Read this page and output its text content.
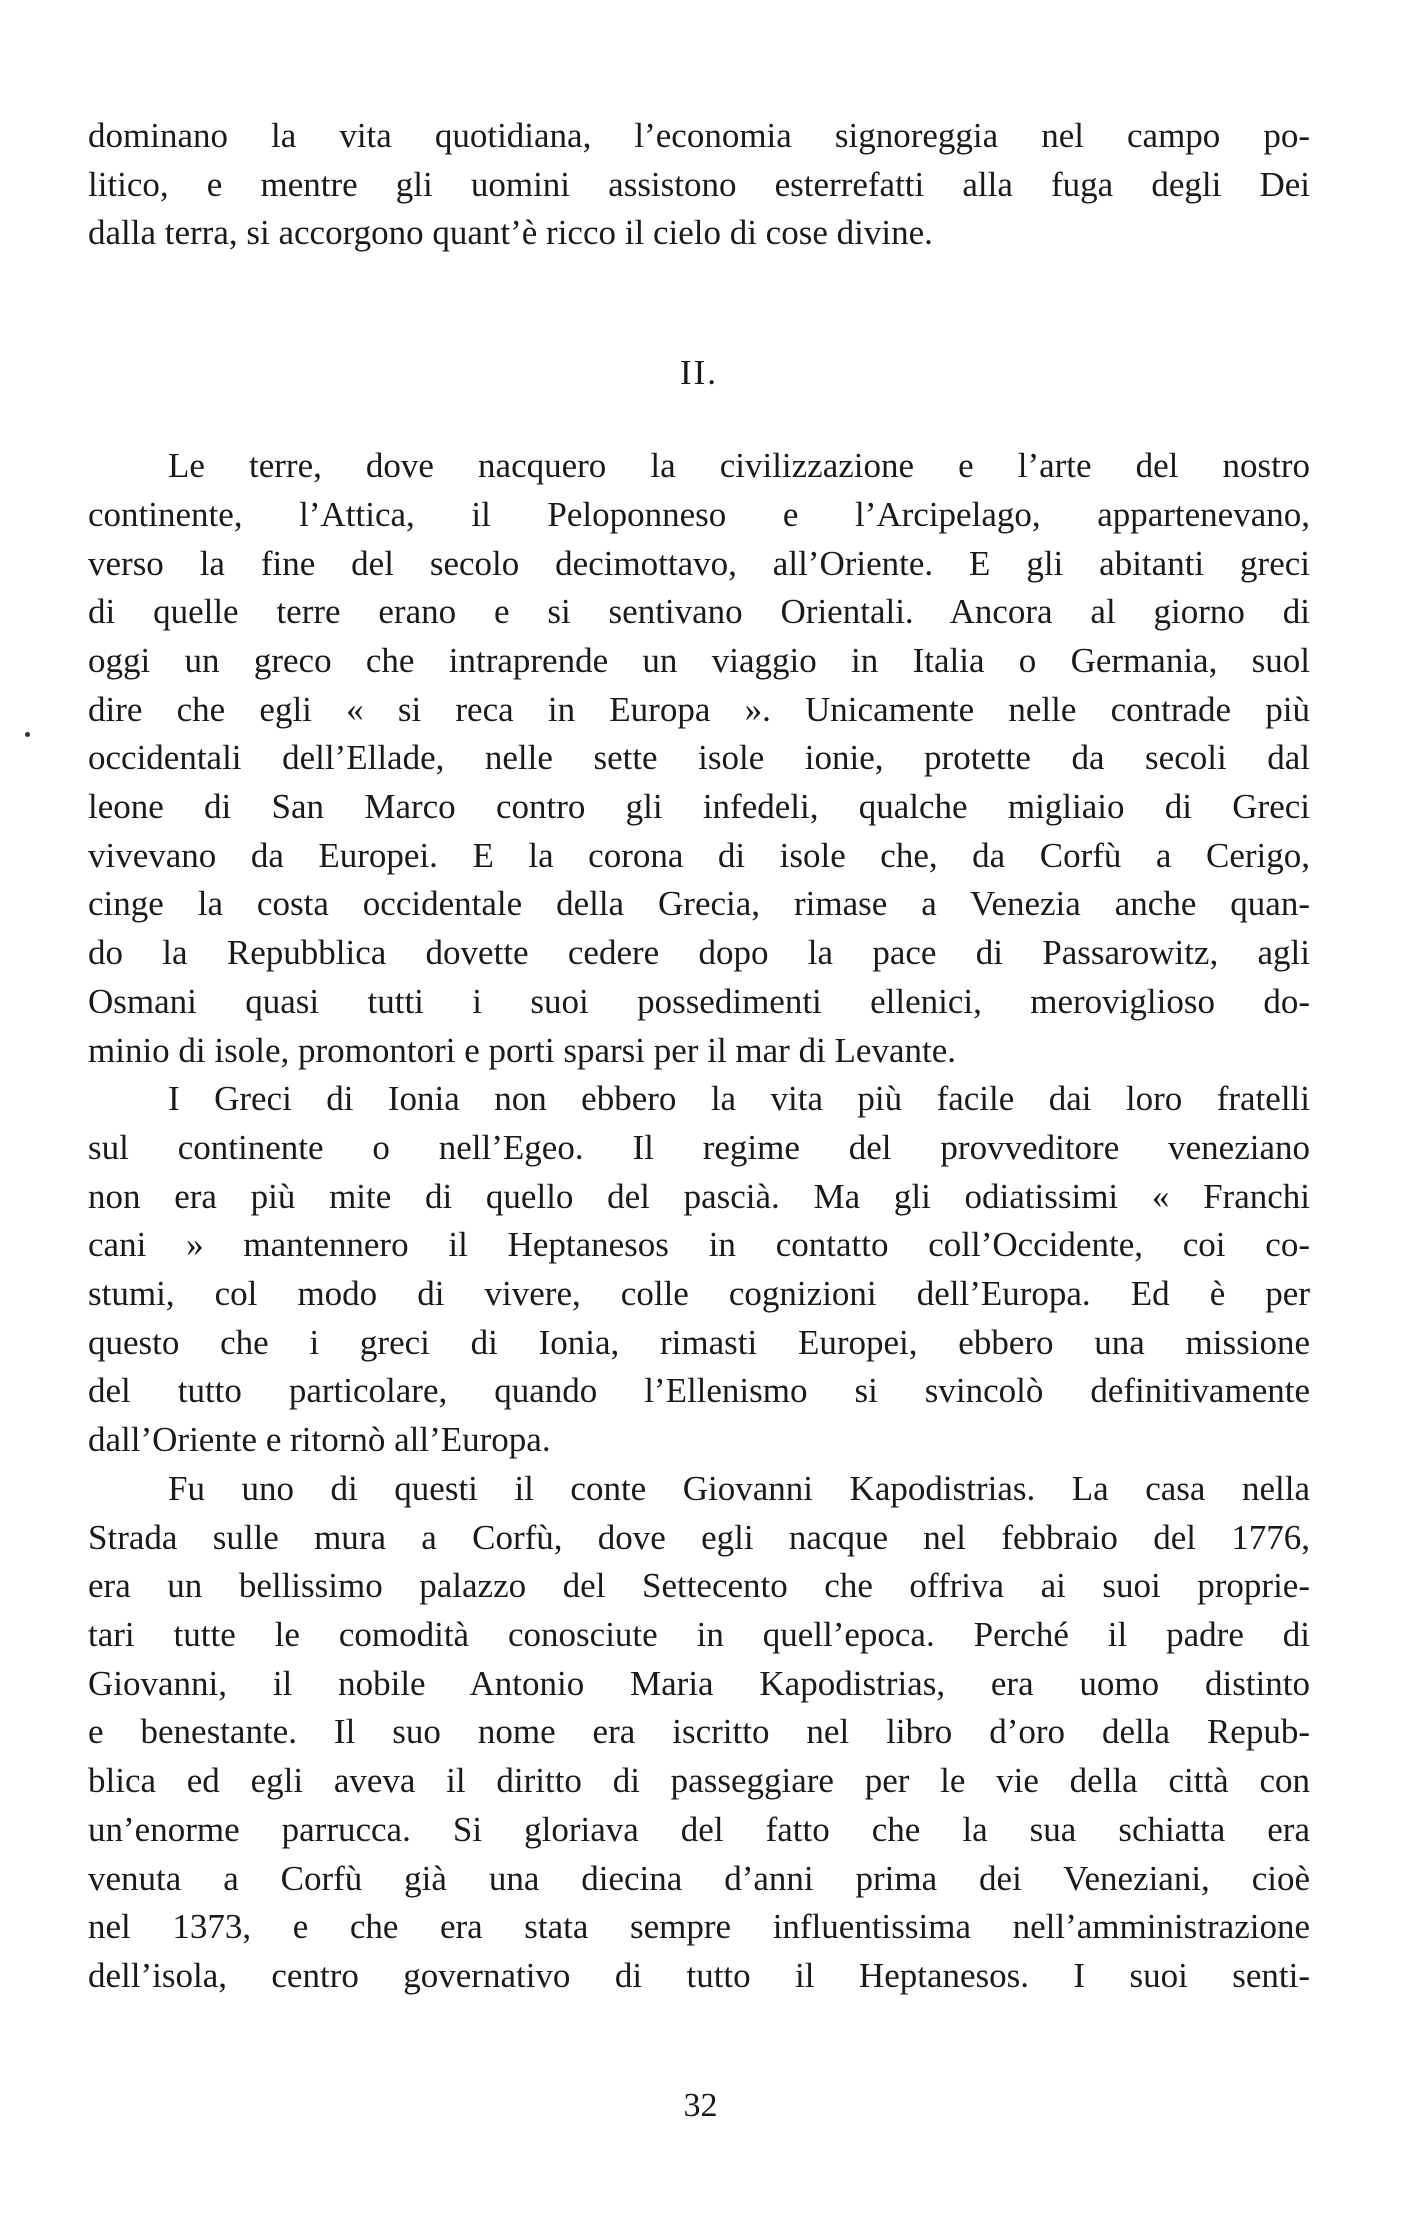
dominano la vita quotidiana, l’economia signoreggia nel campo po-
litico, e mentre gli uomini assistono esterrefatti alla fuga degli Dei
dalla terra, si accorgono quant’è ricco il cielo di cose divine.
II.
Le terre, dove nacquero la civilizzazione e l’arte del nostro
continente, l’Attica, il Peloponneso e l’Arcipelago, appartenevano,
verso la fine del secolo decimottavo, all’Oriente. E gli abitanti greci
di quelle terre erano e si sentivano Orientali. Ancora al giorno di
oggi un greco che intraprende un viaggio in Italia o Germania, suol
dire che egli « si reca in Europa ». Unicamente nelle contrade più
occidentali dell’Ellade, nelle sette isole ionie, protette da secoli dal
leone di San Marco contro gli infedeli, qualche migliaio di Greci
vivevano da Europei. E la corona di isole che, da Corfù a Cerigo,
cinge la costa occidentale della Grecia, rimase a Venezia anche quan-
do la Repubblica dovette cedere dopo la pace di Passarowitz, agli
Osmani quasi tutti i suoi possedimenti ellenici, meroviglioso do-
minio di isole, promontori e porti sparsi per il mar di Levante.
I Greci di Ionia non ebbero la vita più facile dai loro fratelli
sul continente o nell’Egeo. Il regime del provveditore veneziano
non era più mite di quello del pascià. Ma gli odiatissimi « Franchi
cani » mantennero il Heptanesos in contatto coll’Occidente, coi co-
stumi, col modo di vivere, colle cognizioni dell’Europa. Ed è per
questo che i greci di Ionia, rimasti Europei, ebbero una missione
del tutto particolare, quando l’Ellenismo si svincolò definitivamente
dall’Oriente e ritornò all’Europa.
Fu uno di questi il conte Giovanni Kapodistrias. La casa nella
Strada sulle mura a Corfù, dove egli nacque nel febbraio del 1776,
era un bellissimo palazzo del Settecento che offriva ai suoi proprie-
tari tutte le comodità conosciute in quell’epoca. Perché il padre di
Giovanni, il nobile Antonio Maria Kapodistrias, era uomo distinto
e benestante. Il suo nome era iscritto nel libro d’oro della Repub-
blica ed egli aveva il diritto di passeggiare per le vie della città con
un’enorme parrucca. Si gloriava del fatto che la sua schiatta era
venuta a Corfù già una diecina d’anni prima dei Veneziani, cioè
nel 1373, e che era stata sempre influentissima nell’amministrazione
dell’isola, centro governativo di tutto il Heptanesos. I suoi senti-
32
